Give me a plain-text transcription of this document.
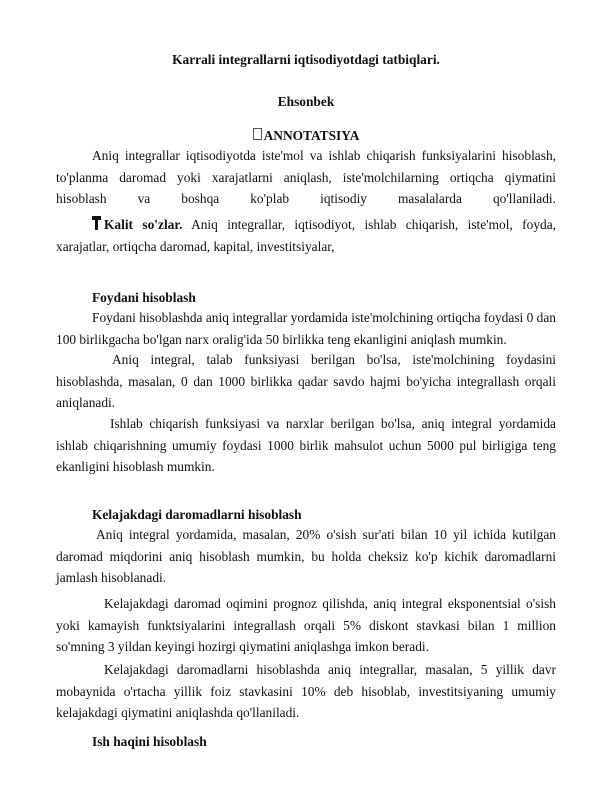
Karrali integrallarni iqtisodiyotdagi tatbiqlari.
Ehsonbek
ANNOTATSIYA

Aniq integrallar iqtisodiyotda iste'mol va ishlab chiqarish funksiyalarini hisoblash, to'planma daromad yoki xarajatlarni aniqlash, iste'molchilarning ortiqcha qiymatini hisoblash va boshqa ko'plab iqtisodiy masalalarda qo'llaniladi.

Kalit so'zlar. Aniq integrallar, iqtisodiyot, ishlab chiqarish, iste'mol, foyda, xarajatlar, ortiqcha daromad, kapital, investitsiyalar,

Foydani hisoblash

Foydani hisoblashda aniq integrallar yordamida iste'molchining ortiqcha foydasi 0 dan 100 birlikgacha bo'lgan narx oralig'ida 50 birlikka teng ekanligini aniqlash mumkin.

Aniq integral, talab funksiyasi berilgan bo'lsa, iste'molchining foydasini hisoblashda, masalan, 0 dan 1000 birlikka qadar savdo hajmi bo'yicha integrallash orqali aniqlanadi.

Ishlab chiqarish funksiyasi va narxlar berilgan bo'lsa, aniq integral yordamida ishlab chiqarishning umumiy foydasi 1000 birlik mahsulot uchun 5000 pul birligiga teng ekanligini hisoblash mumkin.

Kelajakdagi daromadlarni hisoblash

Aniq integral yordamida, masalan, 20% o'sish sur'ati bilan 10 yil ichida kutilgan daromad miqdorini aniq hisoblash mumkin, bu holda cheksiz ko'p kichik daromadlarni jamlash hisoblanadi.

Kelajakdagi daromad oqimini prognoz qilishda, aniq integral eksponentsial o'sish yoki kamayish funktsiyalarini integrallash orqali 5% diskont stavkasi bilan 1 million so'mning 3 yildan keyingi hozirgi qiymatini aniqlashga imkon beradi.

Kelajakdagi daromadlarni hisoblashda aniq integrallar, masalan, 5 yillik davr mobaynida o'rtacha yillik foiz stavkasini 10% deb hisoblab, investitsiyaning umumiy kelajakdagi qiymatini aniqlashda qo'llaniladi.

Ish haqini hisoblash
